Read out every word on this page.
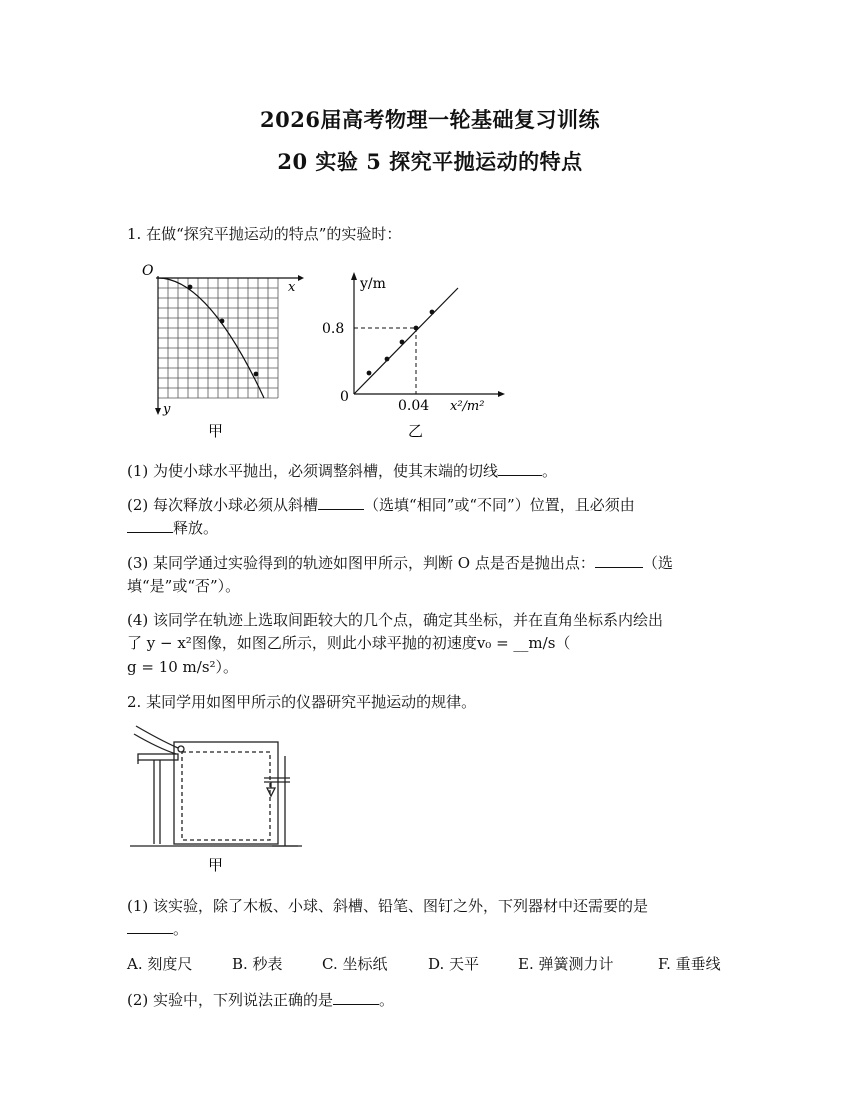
2026届高考物理一轮基础复习训练
20 实验 5 探究平抛运动的特点
1. 在做“探究平抛运动的特点”的实验时：
O
x
y
甲
y/m
0.8
0
0.04 x²/m²
乙
(1) 为使小球水平抛出，必须调整斜槽，使其末端的切线	。
(2) 每次释放小球必须从斜槽	（选填“相同”或“不同”）位置，且必须由
释放。
(3) 某同学通过实验得到的轨迹如图甲所示，判断 O 点是否是抛出点：	（选
填“是”或“否”）。
(4) 该同学在轨迹上选取间距较大的几个点，确定其坐标，并在直角坐标系内绘出
了 y − x²图像，如图乙所示，则此小球平抛的初速度v₀ = __m/s（
g = 10 m/s²）。
2. 某同学用如图甲所示的仪器研究平抛运动的规律。
甲
(1) 该实验，除了木板、小球、斜槽、铅笔、图钉之外，下列器材中还需要的是
。
A. 刻度尺	B. 秒表	C. 坐标纸	D. 天平	E. 弹簧测力计	F. 重垂线
(2) 实验中，下列说法正确的是	。
